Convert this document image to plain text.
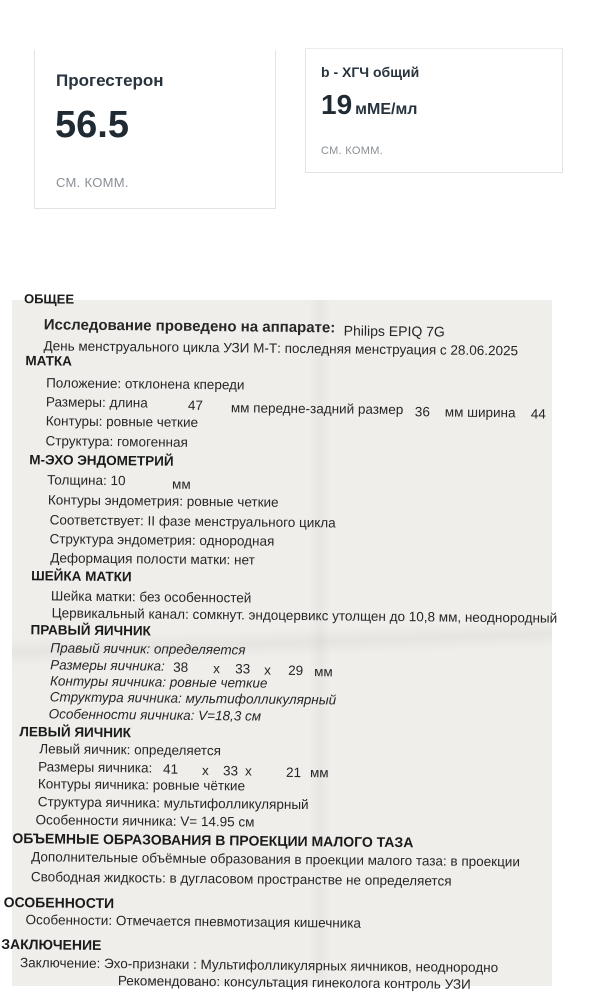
Прогестерон
56.5
СМ. КОММ.
b - ХГЧ общий
19 мМЕ/мл
СМ. КОММ.
ОБЩЕЕ
Исследование проведено на аппарате: Philips EPIQ 7G
День менструального цикла УЗИ М-Т: последняя менструация с 28.06.2025
МАТКА
Положение: отклонена кпереди
Размеры: длина	47 мм передне-задний размер 36 мм ширина 44
Контуры: ровные четкие
Структура: гомогенная
М-ЭХО ЭНДОМЕТРИЙ
Толщина: 10	мм
Контуры эндометрия: ровные четкие
Соответствует: II фазе менструального цикла
Структура эндометрия: однородная
Деформация полости матки: нет
ШЕЙКА МАТКИ
Шейка матки: без особенностей
Цервикальный канал: сомкнут. эндоцервикс утолщен до 10,8 мм, неоднородный
ПРАВЫЙ ЯИЧНИК
Правый яичник: определяется
Размеры яичника: 38 x 33 x 29 мм
Контуры яичника: ровные четкие
Структура яичника: мультифолликулярный
Особенности яичника: V=18,3 см
ЛЕВЫЙ ЯИЧНИК
Левый яичник: определяется
Размеры яичника: 41 x 33 x	21 мм
Контуры яичника: ровные чёткие
Структура яичника: мультифолликулярный
Особенности яичника: V= 14.95 см
ОБЪЕМНЫЕ ОБРАЗОВАНИЯ В ПРОЕКЦИИ МАЛОГО ТАЗА
Дополнительные объёмные образования в проекции малого таза: в проекции
Свободная жидкость: в дугласовом пространстве не определяется
ОСОБЕННОСТИ
Особенности: Отмечается пневмотизация кишечника
ЗАКЛЮЧЕНИЕ
Заключение: Эхо-признаки : Мультифолликулярных яичников, неоднородно
Рекомендовано: консультация гинеколога контроль УЗИ
